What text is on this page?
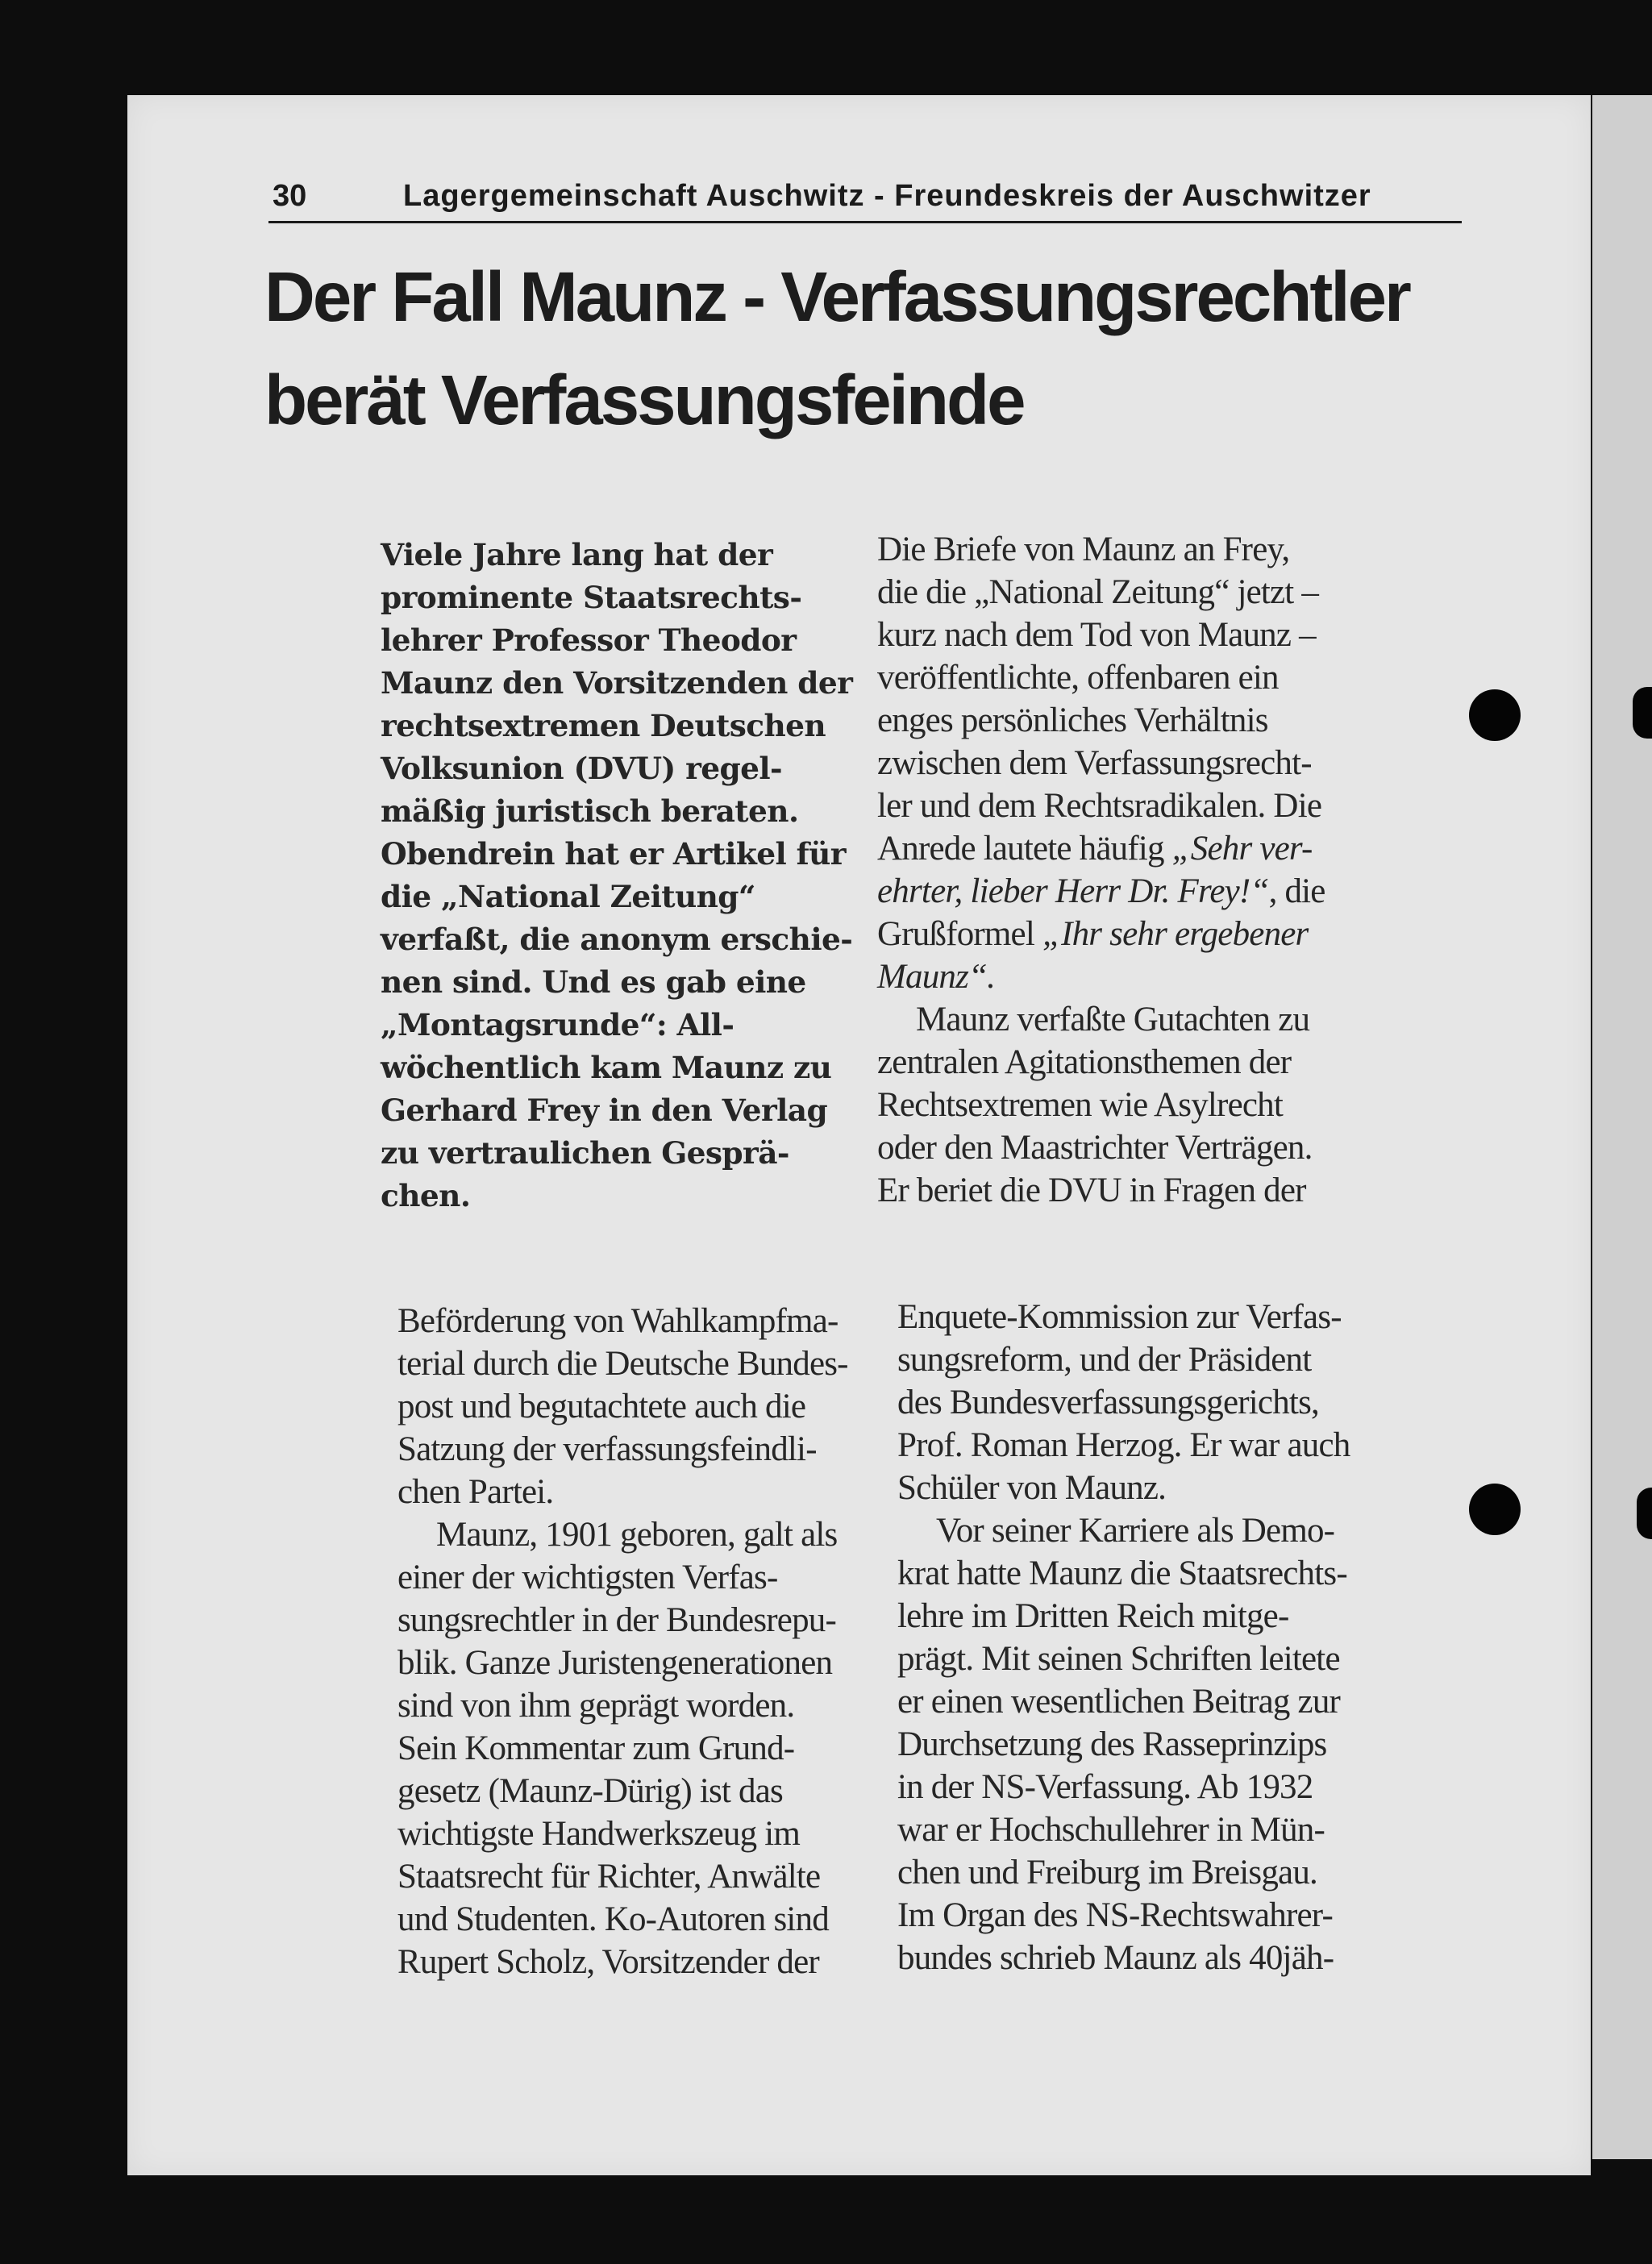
30	Lagergemeinschaft Auschwitz - Freundeskreis der Auschwitzer
Der Fall Maunz - Verfassungsrechtler
berät Verfassungsfeinde
Viele Jahre lang hat der
prominente Staatsrechts-
lehrer Professor Theodor
Maunz den Vorsitzenden der
rechtsextremen Deutschen
Volksunion (DVU) regel-
mäßig juristisch beraten.
Obendrein hat er Artikel für
die „National Zeitung“
verfaßt, die anonym erschie-
nen sind. Und es gab eine
„Montagsrunde“: All-
wöchentlich kam Maunz zu
Gerhard Frey in den Verlag
zu vertraulichen Gesprä-
chen.
Die Briefe von Maunz an Frey,
die die „National Zeitung“ jetzt –
kurz nach dem Tod von Maunz –
veröffentlichte, offenbaren ein
enges persönliches Verhältnis
zwischen dem Verfassungsrecht-
ler und dem Rechtsradikalen. Die
Anrede lautete häufig „Sehr ver-
ehrter, lieber Herr Dr. Frey!“, die
Grußformel „Ihr sehr ergebener
Maunz“.
Maunz verfaßte Gutachten zu
zentralen Agitationsthemen der
Rechtsextremen wie Asylrecht
oder den Maastrichter Verträgen.
Er beriet die DVU in Fragen der
Beförderung von Wahlkampfma-
terial durch die Deutsche Bundes-
post und begutachtete auch die
Satzung der verfassungsfeindli-
chen Partei.
Maunz, 1901 geboren, galt als
einer der wichtigsten Verfas-
sungsrechtler in der Bundesrepu-
blik. Ganze Juristengenerationen
sind von ihm geprägt worden.
Sein Kommentar zum Grund-
gesetz (Maunz-Dürig) ist das
wichtigste Handwerkszeug im
Staatsrecht für Richter, Anwälte
und Studenten. Ko-Autoren sind
Rupert Scholz, Vorsitzender der
Enquete-Kommission zur Verfas-
sungsreform, und der Präsident
des Bundesverfassungsgerichts,
Prof. Roman Herzog. Er war auch
Schüler von Maunz.
Vor seiner Karriere als Demo-
krat hatte Maunz die Staatsrechts-
lehre im Dritten Reich mitge-
prägt. Mit seinen Schriften leitete
er einen wesentlichen Beitrag zur
Durchsetzung des Rasseprinzips
in der NS-Verfassung. Ab 1932
war er Hochschullehrer in Mün-
chen und Freiburg im Breisgau.
Im Organ des NS-Rechtswahrer-
bundes schrieb Maunz als 40jäh-
